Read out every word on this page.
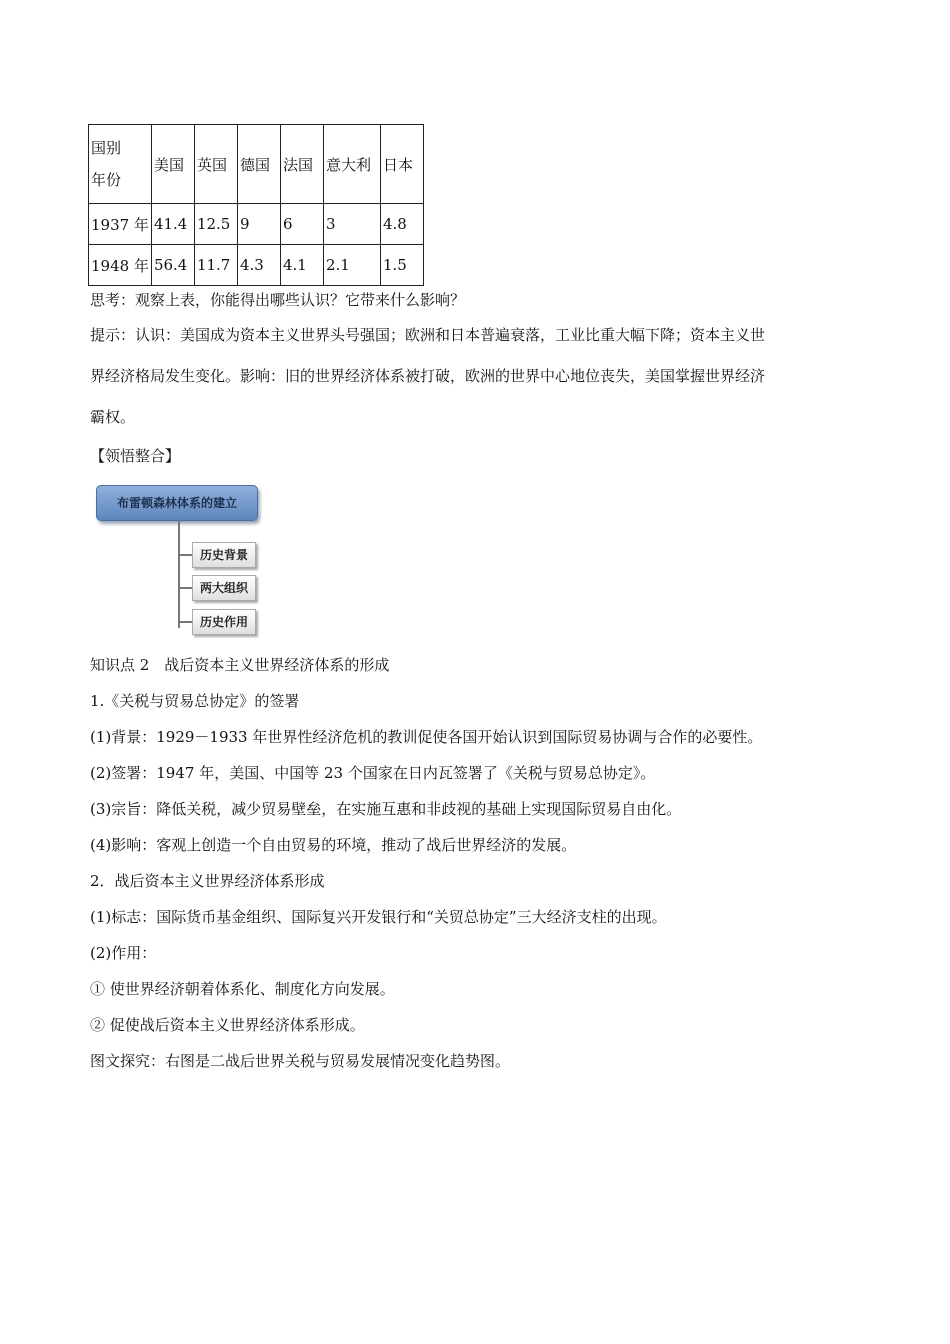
国别
年份	美国	英国	德国	法国	意大利	日本
1937 年	41.4	12.5	9	6	3	4.8
1948 年	56.4	11.7	4.3	4.1	2.1	1.5
思考：观察上表，你能得出哪些认识？它带来什么影响？
提示：认识：美国成为资本主义世界头号强国；欧洲和日本普遍衰落，工业比重大幅下降；资本主义世
界经济格局发生变化。影响：旧的世界经济体系被打破，欧洲的世界中心地位丧失，美国掌握世界经济
霸权。
【领悟整合】
布雷顿森林体系的建立
历史背景
两大组织
历史作用
知识点 2　战后资本主义世界经济体系的形成
1.《关税与贸易总协定》的签署
(1)背景：1929－1933 年世界性经济危机的教训促使各国开始认识到国际贸易协调与合作的必要性。
(2)签署：1947 年，美国、中国等 23 个国家在日内瓦签署了《关税与贸易总协定》。
(3)宗旨：降低关税，减少贸易壁垒，在实施互惠和非歧视的基础上实现国际贸易自由化。
(4)影响：客观上创造一个自由贸易的环境，推动了战后世界经济的发展。
2．战后资本主义世界经济体系形成
(1)标志：国际货币基金组织、国际复兴开发银行和“关贸总协定”三大经济支柱的出现。
(2)作用：
① 使世界经济朝着体系化、制度化方向发展。
② 促使战后资本主义世界经济体系形成。
图文探究：右图是二战后世界关税与贸易发展情况变化趋势图。
